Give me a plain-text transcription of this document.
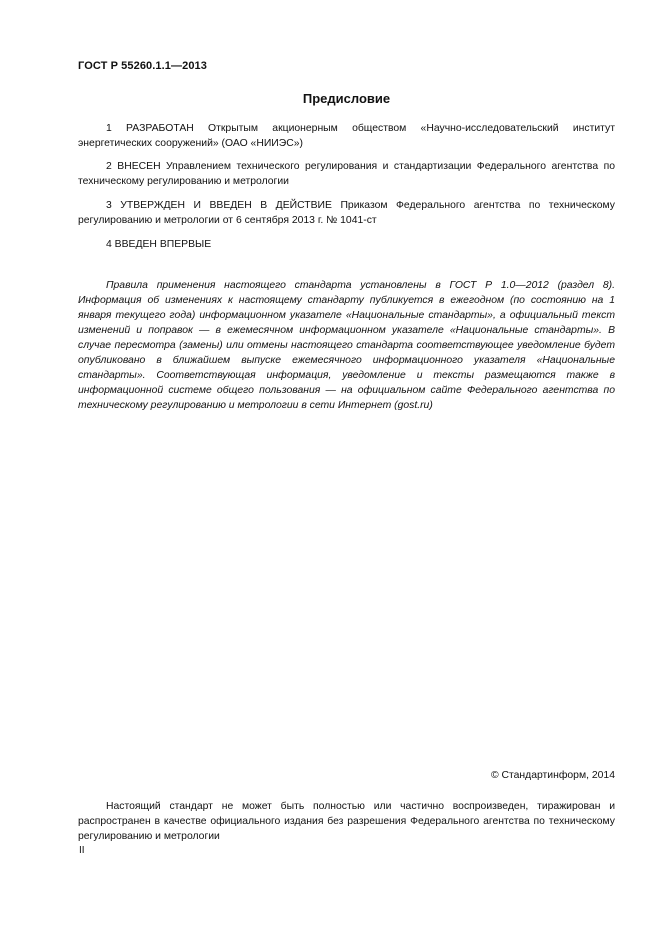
ГОСТ Р 55260.1.1—2013
Предисловие
1 РАЗРАБОТАН Открытым акционерным обществом «Научно-исследовательский институт энергетических сооружений» (ОАО «НИИЭС»)
2 ВНЕСЕН Управлением технического регулирования и стандартизации Федерального агентства по техническому регулированию и метрологии
3 УТВЕРЖДЕН И ВВЕДЕН В ДЕЙСТВИЕ Приказом Федерального агентства по техническому регулированию и метрологии от 6 сентября 2013 г. № 1041-ст
4 ВВЕДЕН ВПЕРВЫЕ
Правила применения настоящего стандарта установлены в ГОСТ Р 1.0—2012 (раздел 8). Информация об изменениях к настоящему стандарту публикуется в ежегодном (по состоянию на 1 января текущего года) информационном указателе «Национальные стандарты», а официальный текст изменений и поправок — в ежемесячном информационном указателе «Национальные стандарты». В случае пересмотра (замены) или отмены настоящего стандарта соответствующее уведомление будет опубликовано в ближайшем выпуске ежемесячного информационного указателя «Национальные стандарты». Соответствующая информация, уведомление и тексты размещаются также в информационной системе общего пользования — на официальном сайте Федерального агентства по техническому регулированию и метрологии в сети Интернет (gost.ru)
© Стандартинформ, 2014
Настоящий стандарт не может быть полностью или частично воспроизведен, тиражирован и распространен в качестве официального издания без разрешения Федерального агентства по техническому регулированию и метрологии
II
